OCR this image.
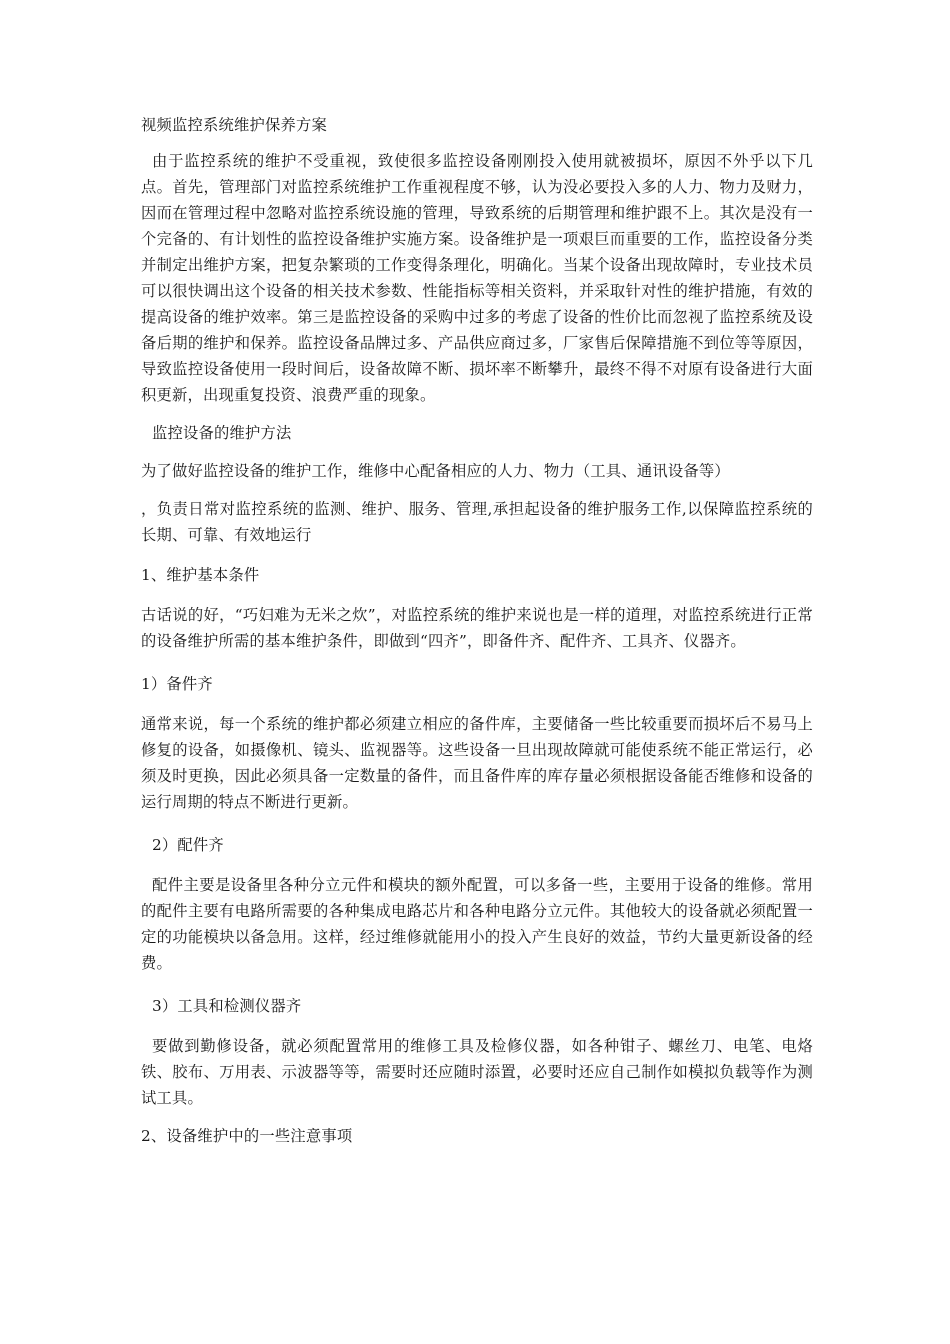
视频监控系统维护保养方案

由于监控系统的维护不受重视，致使很多监控设备刚刚投入使用就被损坏，原因不外乎以下几点。首先，管理部门对监控系统维护工作重视程度不够，认为没必要投入多的人力、物力及财力，因而在管理过程中忽略对监控系统设施的管理，导致系统的后期管理和维护跟不上。其次是没有一个完备的、有计划性的监控设备维护实施方案。设备维护是一项艰巨而重要的工作，监控设备分类并制定出维护方案，把复杂繁琐的工作变得条理化，明确化。当某个设备出现故障时，专业技术员可以很快调出这个设备的相关技术参数、性能指标等相关资料，并采取针对性的维护措施，有效的提高设备的维护效率。第三是监控设备的采购中过多的考虑了设备的性价比而忽视了监控系统及设备后期的维护和保养。监控设备品牌过多、产品供应商过多，厂家售后保障措施不到位等等原因，导致监控设备使用一段时间后，设备故障不断、损坏率不断攀升，最终不得不对原有设备进行大面积更新，出现重复投资、浪费严重的现象。

监控设备的维护方法

为了做好监控设备的维护工作，维修中心配备相应的人力、物力（工具、通讯设备等）

，负责日常对监控系统的监测、维护、服务、管理,承担起设备的维护服务工作,以保障监控系统的长期、可靠、有效地运行

1、维护基本条件

古话说的好，“巧妇难为无米之炊”，对监控系统的维护来说也是一样的道理，对监控系统进行正常的设备维护所需的基本维护条件，即做到“四齐”，即备件齐、配件齐、工具齐、仪器齐。

1）备件齐

通常来说，每一个系统的维护都必须建立相应的备件库，主要储备一些比较重要而损坏后不易马上修复的设备，如摄像机、镜头、监视器等。这些设备一旦出现故障就可能使系统不能正常运行，必须及时更换，因此必须具备一定数量的备件，而且备件库的库存量必须根据设备能否维修和设备的运行周期的特点不断进行更新。

2）配件齐

配件主要是设备里各种分立元件和模块的额外配置，可以多备一些，主要用于设备的维修。常用的配件主要有电路所需要的各种集成电路芯片和各种电路分立元件。其他较大的设备就必须配置一定的功能模块以备急用。这样，经过维修就能用小的投入产生良好的效益，节约大量更新设备的经费。

3）工具和检测仪器齐

要做到勤修设备，就必须配置常用的维修工具及检修仪器，如各种钳子、螺丝刀、电笔、电烙铁、胶布、万用表、示波器等等，需要时还应随时添置，必要时还应自己制作如模拟负载等作为测试工具。

2、设备维护中的一些注意事项
